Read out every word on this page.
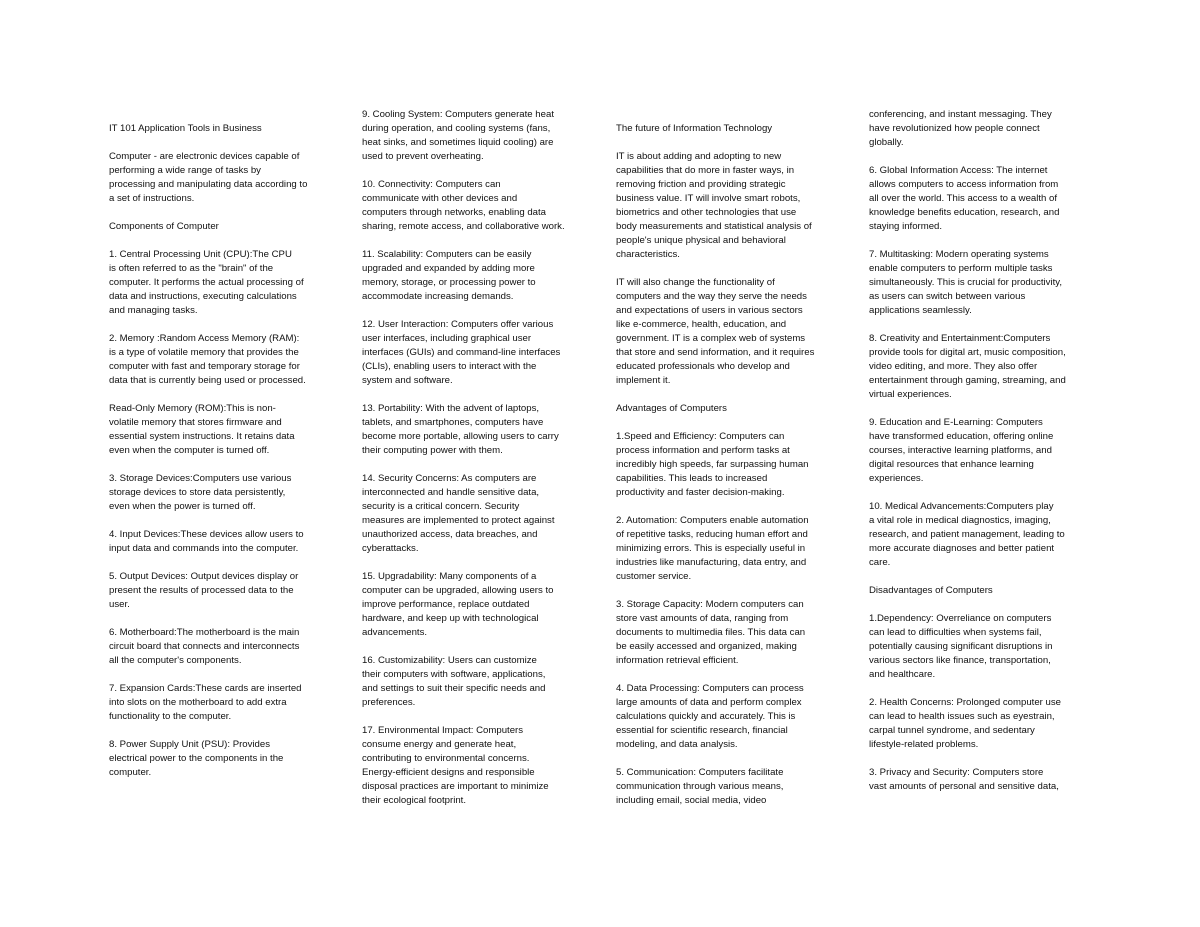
IT 101 Application Tools in Business

Computer - are electronic devices capable of
performing a wide range of tasks by
processing and manipulating data according to
a set of instructions.

Components of Computer

1. Central Processing Unit (CPU):The CPU
is often referred to as the "brain" of the
computer. It performs the actual processing of
data and instructions, executing calculations
and managing tasks.

2. Memory :Random Access Memory (RAM):
is a type of volatile memory that provides the
computer with fast and temporary storage for
data that is currently being used or processed.

Read-Only Memory (ROM):This is non-
volatile memory that stores firmware and
essential system instructions. It retains data
even when the computer is turned off.

3. Storage Devices:Computers use various
storage devices to store data persistently,
even when the power is turned off.

4. Input Devices:These devices allow users to
input data and commands into the computer.

5. Output Devices: Output devices display or
present the results of processed data to the
user.

6. Motherboard:The motherboard is the main
circuit board that connects and interconnects
all the computer's components.

7. Expansion Cards:These cards are inserted
into slots on the motherboard to add extra
functionality to the computer.

8. Power Supply Unit (PSU): Provides
electrical power to the components in the
computer.

9. Cooling System: Computers generate heat
during operation, and cooling systems (fans,
heat sinks, and sometimes liquid cooling) are
used to prevent overheating.

10. Connectivity: Computers can
communicate with other devices and
computers through networks, enabling data
sharing, remote access, and collaborative work.

11. Scalability: Computers can be easily
upgraded and expanded by adding more
memory, storage, or processing power to
accommodate increasing demands.

12. User Interaction: Computers offer various
user interfaces, including graphical user
interfaces (GUIs) and command-line interfaces
(CLIs), enabling users to interact with the
system and software.

13. Portability: With the advent of laptops,
tablets, and smartphones, computers have
become more portable, allowing users to carry
their computing power with them.

14. Security Concerns: As computers are
interconnected and handle sensitive data,
security is a critical concern. Security
measures are implemented to protect against
unauthorized access, data breaches, and
cyberattacks.

15. Upgradability: Many components of a
computer can be upgraded, allowing users to
improve performance, replace outdated
hardware, and keep up with technological
advancements.

16. Customizability: Users can customize
their computers with software, applications,
and settings to suit their specific needs and
preferences.

17. Environmental Impact: Computers
consume energy and generate heat,
contributing to environmental concerns.
Energy-efficient designs and responsible
disposal practices are important to minimize
their ecological footprint.

The future of Information Technology

IT is about adding and adopting to new
capabilities that do more in faster ways, in
removing friction and providing strategic
business value. IT will involve smart robots,
biometrics and other technologies that use
body measurements and statistical analysis of
people's unique physical and behavioral
characteristics.

IT will also change the functionality of
computers and the way they serve the needs
and expectations of users in various sectors
like e-commerce, health, education, and
government. IT is a complex web of systems
that store and send information, and it requires
educated professionals who develop and
implement it.

Advantages of Computers

1.Speed and Efficiency: Computers can
process information and perform tasks at
incredibly high speeds, far surpassing human
capabilities. This leads to increased
productivity and faster decision-making.

2. Automation: Computers enable automation
of repetitive tasks, reducing human effort and
minimizing errors. This is especially useful in
industries like manufacturing, data entry, and
customer service.

3. Storage Capacity: Modern computers can
store vast amounts of data, ranging from
documents to multimedia files. This data can
be easily accessed and organized, making
information retrieval efficient.

4. Data Processing: Computers can process
large amounts of data and perform complex
calculations quickly and accurately. This is
essential for scientific research, financial
modeling, and data analysis.

5. Communication: Computers facilitate
communication through various means,
including email, social media, video

conferencing, and instant messaging. They
have revolutionized how people connect
globally.

6. Global Information Access: The internet
allows computers to access information from
all over the world. This access to a wealth of
knowledge benefits education, research, and
staying informed.

7. Multitasking: Modern operating systems
enable computers to perform multiple tasks
simultaneously. This is crucial for productivity,
as users can switch between various
applications seamlessly.

8. Creativity and Entertainment:Computers
provide tools for digital art, music composition,
video editing, and more. They also offer
entertainment through gaming, streaming, and
virtual experiences.

9. Education and E-Learning: Computers
have transformed education, offering online
courses, interactive learning platforms, and
digital resources that enhance learning
experiences.

10. Medical Advancements:Computers play
a vital role in medical diagnostics, imaging,
research, and patient management, leading to
more accurate diagnoses and better patient
care.

Disadvantages of Computers

1.Dependency: Overreliance on computers
can lead to difficulties when systems fail,
potentially causing significant disruptions in
various sectors like finance, transportation,
and healthcare.

2. Health Concerns: Prolonged computer use
can lead to health issues such as eyestrain,
carpal tunnel syndrome, and sedentary
lifestyle-related problems.

3. Privacy and Security: Computers store
vast amounts of personal and sensitive data,
